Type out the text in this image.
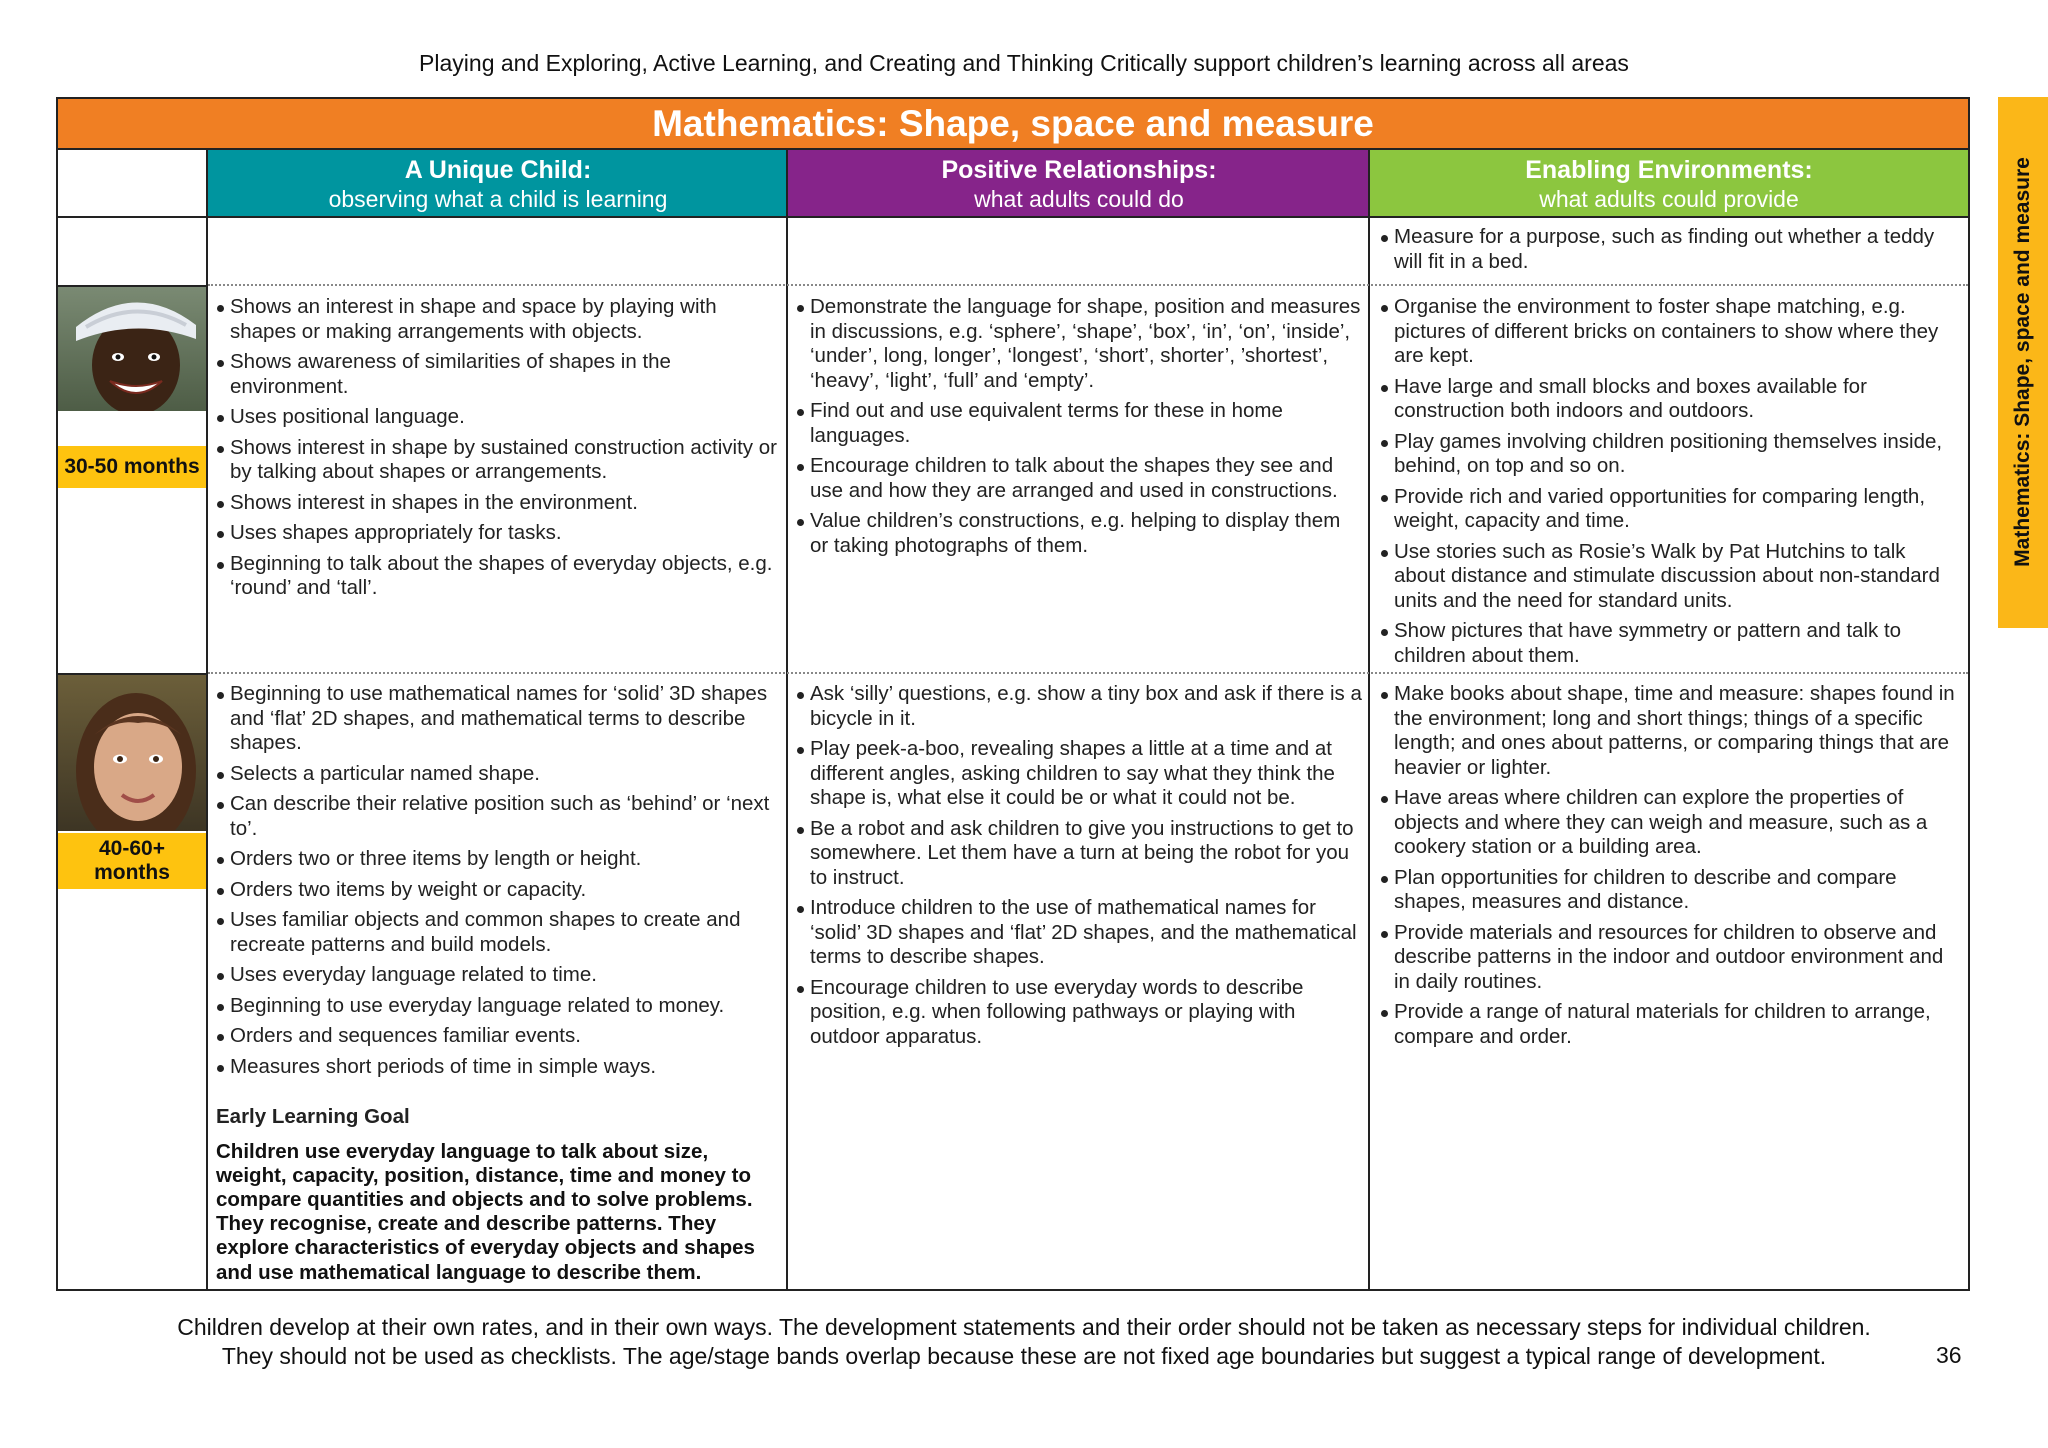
Playing and Exploring, Active Learning, and Creating and Thinking Critically support children’s learning across all areas
Mathematics: Shape, space and measure
A Unique Child:
observing what a child is learning
Positive Relationships:
what adults could do
Enabling Environments:
what adults could provide
Measure for a purpose, such as finding out whether a teddy will fit in a bed.
30-50 months
Shows an interest in shape and space by playing with shapes or making arrangements with objects.
Shows awareness of similarities of shapes in the environment.
Uses positional language.
Shows interest in shape by sustained construction activity or by talking about shapes or arrangements.
Shows interest in shapes in the environment.
Uses shapes appropriately for tasks.
Beginning to talk about the shapes of everyday objects, e.g. ‘round’ and ‘tall’.
Demonstrate the language for shape, position and measures in discussions, e.g. ‘sphere’, ‘shape’, ‘box’, ‘in’, ‘on’, ‘inside’, ‘under’, long, longer’, ‘longest’, ‘short’, shorter’, ’shortest’, ‘heavy’, ‘light’, ‘full’ and ‘empty’.
Find out and use equivalent terms for these in home languages.
Encourage children to talk about the shapes they see and use and how they are arranged and used in constructions.
Value children’s constructions, e.g. helping to display them or taking photographs of them.
Organise the environment to foster shape matching, e.g. pictures of different bricks on containers to show where they are kept.
Have large and small blocks and boxes available for construction both indoors and outdoors.
Play games involving children positioning themselves inside, behind, on top and so on.
Provide rich and varied opportunities for comparing length, weight, capacity and time.
Use stories such as Rosie’s Walk by Pat Hutchins to talk about distance and stimulate discussion about non-standard units and the need for standard units.
Show pictures that have symmetry or pattern and talk to children about them.
40-60+ months
Beginning to use mathematical names for ‘solid’ 3D shapes and ‘flat’ 2D shapes, and mathematical terms to describe shapes.
Selects a particular named shape.
Can describe their relative position such as ‘behind’ or ‘next to’.
Orders two or three items by length or height.
Orders two items by weight or capacity.
Uses familiar objects and common shapes to create and recreate patterns and build models.
Uses everyday language related to time.
Beginning to use everyday language related to money.
Orders and sequences familiar events.
Measures short periods of time in simple ways.
Early Learning Goal
Children use everyday language to talk about size, weight, capacity, position, distance, time and money to compare quantities and objects and to solve problems. They recognise, create and describe patterns. They explore characteristics of everyday objects and shapes and use mathematical language to describe them.
Ask ‘silly’ questions, e.g. show a tiny box and ask if there is a bicycle in it.
Play peek-a-boo, revealing shapes a little at a time and at different angles, asking children to say what they think the shape is, what else it could be or what it could not be.
Be a robot and ask children to give you instructions to get to somewhere. Let them have a turn at being the robot for you to instruct.
Introduce children to the use of mathematical names for ‘solid’ 3D shapes and ‘flat’ 2D shapes, and the mathematical terms to describe shapes.
Encourage children to use everyday words to describe position, e.g. when following pathways or playing with outdoor apparatus.
Make books about shape, time and measure: shapes found in the environment; long and short things; things of a specific length; and ones about patterns, or comparing things that are heavier or lighter.
Have areas where children can explore the properties of objects and where they can weigh and measure, such as a cookery station or a building area.
Plan opportunities for children to describe and compare shapes, measures and distance.
Provide materials and resources for children to observe and describe patterns in the indoor and outdoor environment and in daily routines.
Provide a range of natural materials for children to arrange, compare and order.
Mathematics: Shape, space and measure
Children develop at their own rates, and in their own ways. The development statements and their order should not be taken as necessary steps for individual children.
They should not be used as checklists. The age/stage bands overlap because these are not fixed age boundaries but suggest a typical range of development.	36
